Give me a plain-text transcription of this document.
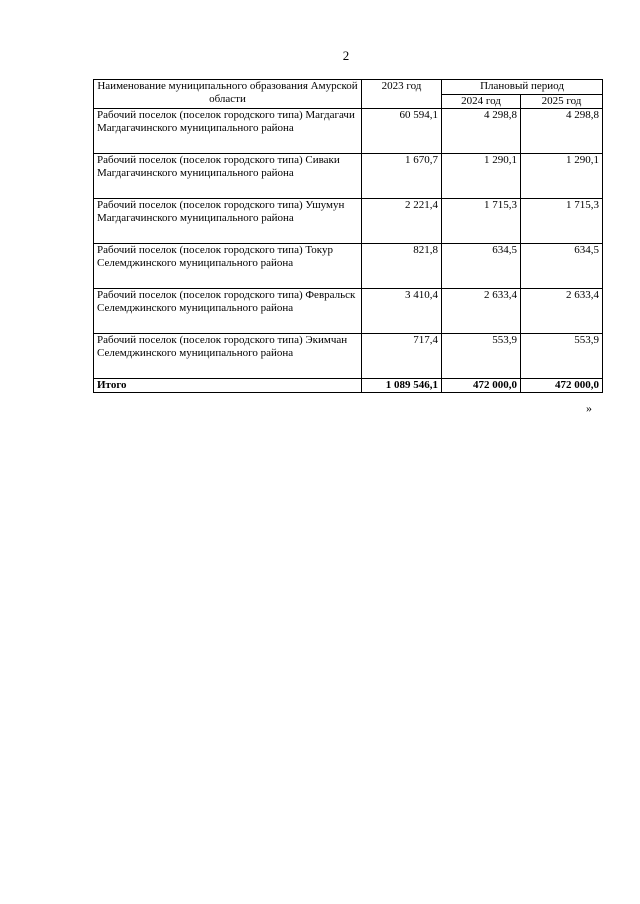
2
Наименование муниципального образования Амурской области	2023 год	Плановый период	
		2024 год	2025 год
Рабочий поселок (поселок городского типа) Магдагачи Магдагачинского муниципального района	60 594,1	4 298,8	4 298,8
Рабочий поселок (поселок городского типа) Сиваки Магдагачинского муниципального района	1 670,7	1 290,1	1 290,1
Рабочий поселок (поселок городского типа) Ушумун Магдагачинского муниципального района	2 221,4	1 715,3	1 715,3
Рабочий поселок (поселок городского типа) Токур Селемджинского муниципального района	821,8	634,5	634,5
Рабочий поселок (поселок городского типа) Февральск Селемджинского муниципального района	3 410,4	2 633,4	2 633,4
Рабочий поселок (поселок городского типа) Экимчан Селемджинского муниципального района	717,4	553,9	553,9
Итого	1 089 546,1	472 000,0	472 000,0
»
